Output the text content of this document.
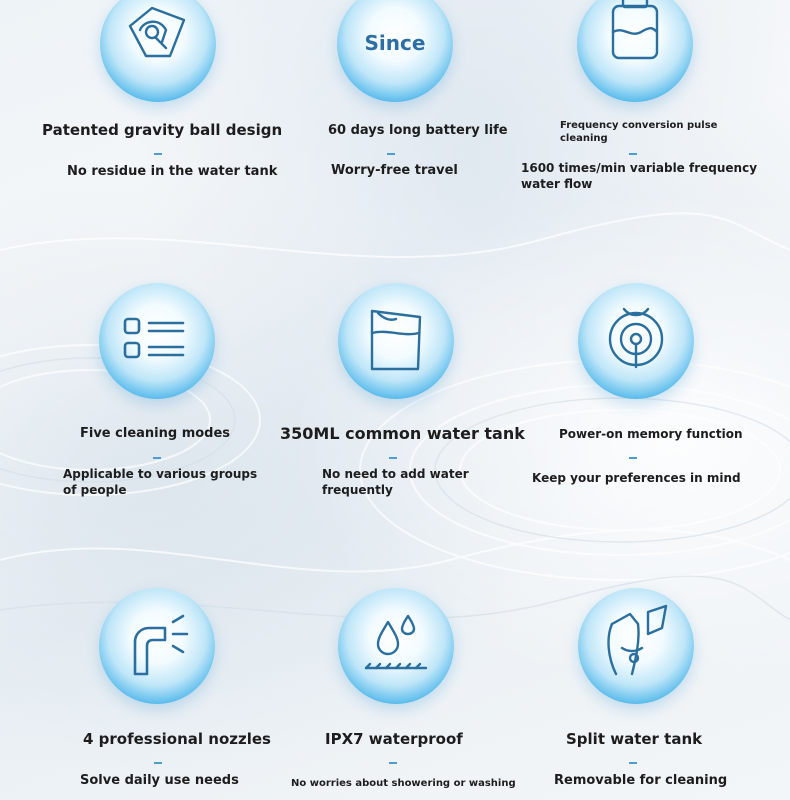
Patented gravity ball design
No residue in the water tank
Since
60 days long battery life
Worry-free travel
Frequency conversion pulse cleaning
1600 times/min variable frequency water flow
Five cleaning modes
Applicable to various groups of people
350ML common water tank
No need to add water frequently
Power-on memory function
Keep your preferences in mind
4 professional nozzles
Solve daily use needs
IPX7 waterproof
No worries about showering or washing
Split water tank
Removable for cleaning
